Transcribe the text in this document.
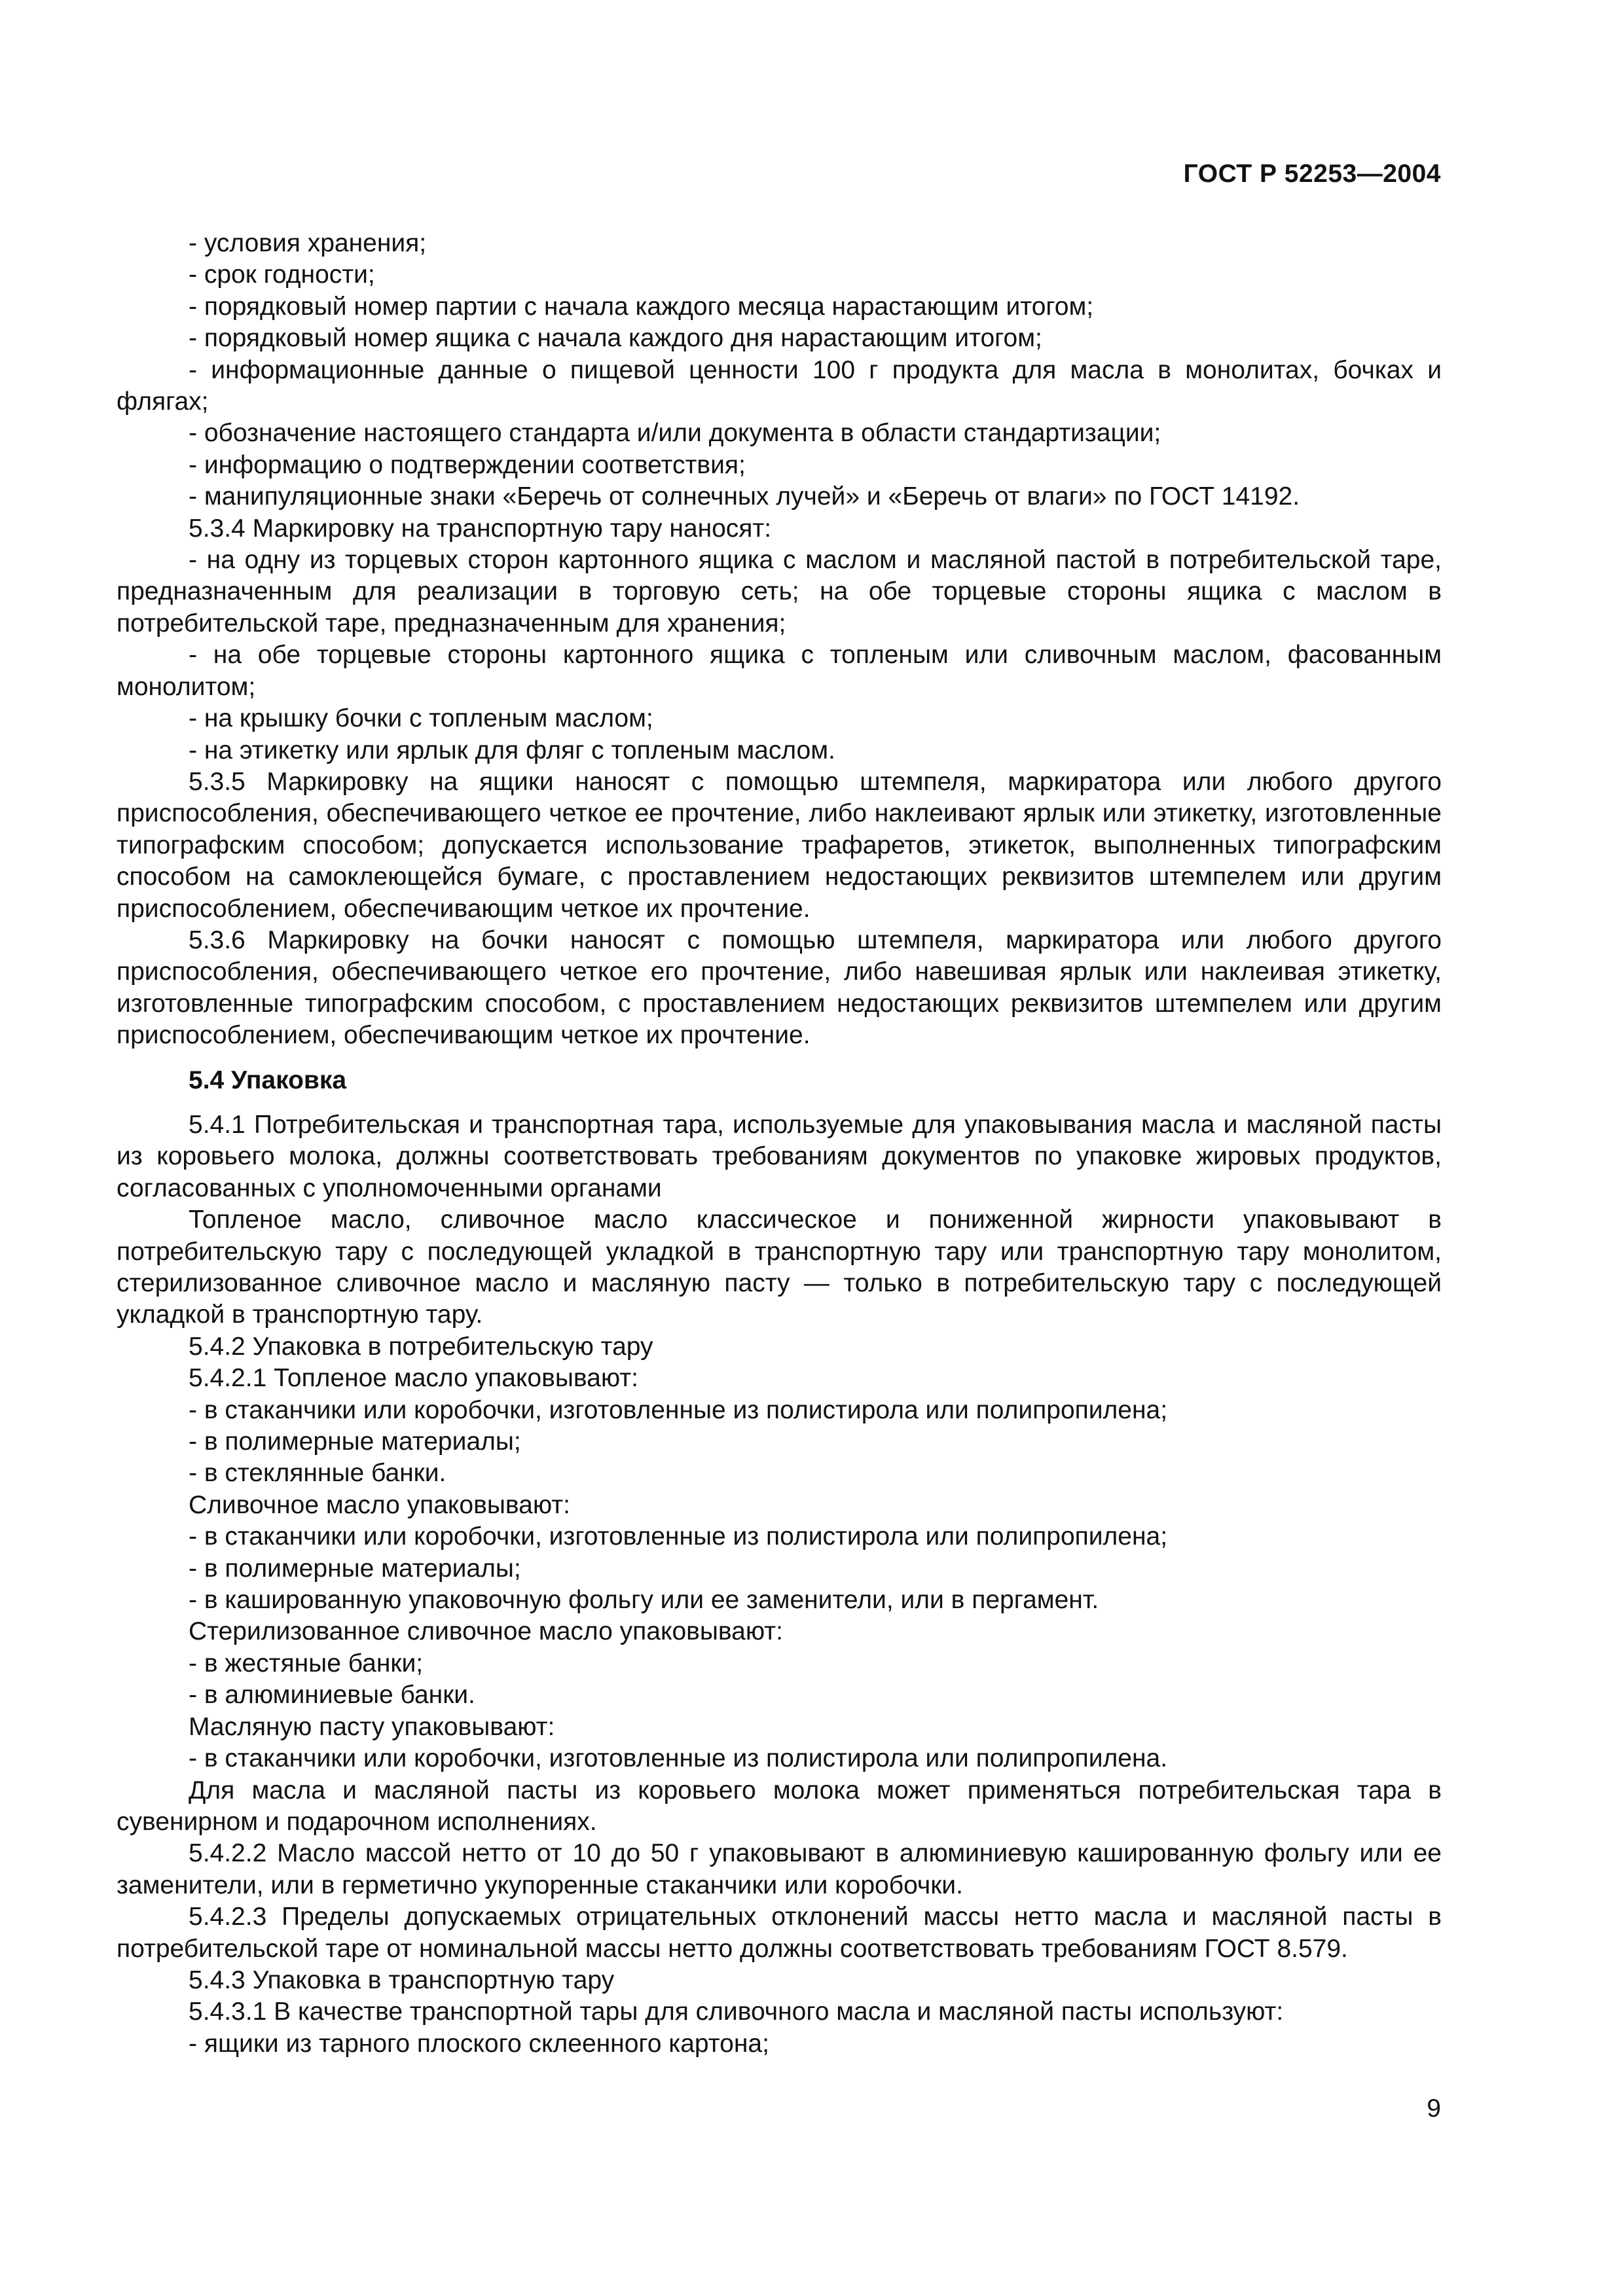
ГОСТ Р 52253—2004

- условия хранения;

- срок годности;

- порядковый номер партии с начала каждого месяца нарастающим итогом;

- порядковый номер ящика с начала каждого дня нарастающим итогом;

- информационные данные о пищевой ценности 100 г продукта для масла в монолитах, бочках и флягах;

- обозначение настоящего стандарта и/или документа в области стандартизации;

- информацию о подтверждении соответствия;

- манипуляционные знаки «Беречь от солнечных лучей» и «Беречь от влаги» по ГОСТ 14192.

5.3.4 Маркировку на транспортную тару наносят:

- на одну из торцевых сторон картонного ящика с маслом и масляной пастой в потребительской таре, предназначенным для реализации в торговую сеть; на обе торцевые стороны ящика с маслом в потребительской таре, предназначенным для хранения;

- на обе торцевые стороны картонного ящика с топленым или сливочным маслом, фасованным монолитом;

- на крышку бочки с топленым маслом;

- на этикетку или ярлык для фляг с топленым маслом.

5.3.5 Маркировку на ящики наносят с помощью штемпеля, маркиратора или любого другого приспособления, обеспечивающего четкое ее прочтение, либо наклеивают ярлык или этикетку, изготовленные типографским способом; допускается использование трафаретов, этикеток, выполненных типографским способом на самоклеющейся бумаге, с проставлением недостающих реквизитов штемпелем или другим приспособлением, обеспечивающим четкое их прочтение.

5.3.6 Маркировку на бочки наносят с помощью штемпеля, маркиратора или любого другого приспособления, обеспечивающего четкое его прочтение, либо навешивая ярлык или наклеивая этикетку, изготовленные типографским способом, с проставлением недостающих реквизитов штемпелем или другим приспособлением, обеспечивающим четкое их прочтение.

5.4 Упаковка

5.4.1 Потребительская и транспортная тара, используемые для упаковывания масла и масляной пасты из коровьего молока, должны соответствовать требованиям документов по упаковке жировых продуктов, согласованных с уполномоченными органами

Топленое масло, сливочное масло классическое и пониженной жирности упаковывают в потребительскую тару с последующей укладкой в транспортную тару или транспортную тару монолитом, стерилизованное сливочное масло и масляную пасту — только в потребительскую тару с последующей укладкой в транспортную тару.

5.4.2 Упаковка в потребительскую тару

5.4.2.1 Топленое масло упаковывают:

- в стаканчики или коробочки, изготовленные из полистирола или полипропилена;

- в полимерные материалы;

- в стеклянные банки.

Сливочное масло упаковывают:

- в стаканчики или коробочки, изготовленные из полистирола или полипропилена;

- в полимерные материалы;

- в кашированную упаковочную фольгу или ее заменители, или в пергамент.

Стерилизованное сливочное масло упаковывают:

- в жестяные банки;

- в алюминиевые банки.

Масляную пасту упаковывают:

- в стаканчики или коробочки, изготовленные из полистирола или полипропилена.

Для масла и масляной пасты из коровьего молока может применяться потребительская тара в сувенирном и подарочном исполнениях.

5.4.2.2 Масло массой нетто от 10 до 50 г упаковывают в алюминиевую кашированную фольгу или ее заменители, или в герметично укупоренные стаканчики или коробочки.

5.4.2.3 Пределы допускаемых отрицательных отклонений массы нетто масла и масляной пасты в потребительской таре от номинальной массы нетто должны соответствовать требованиям ГОСТ 8.579.

5.4.3 Упаковка в транспортную тару

5.4.3.1 В качестве транспортной тары для сливочного масла и масляной пасты используют:

- ящики из тарного плоского склеенного картона;

9
